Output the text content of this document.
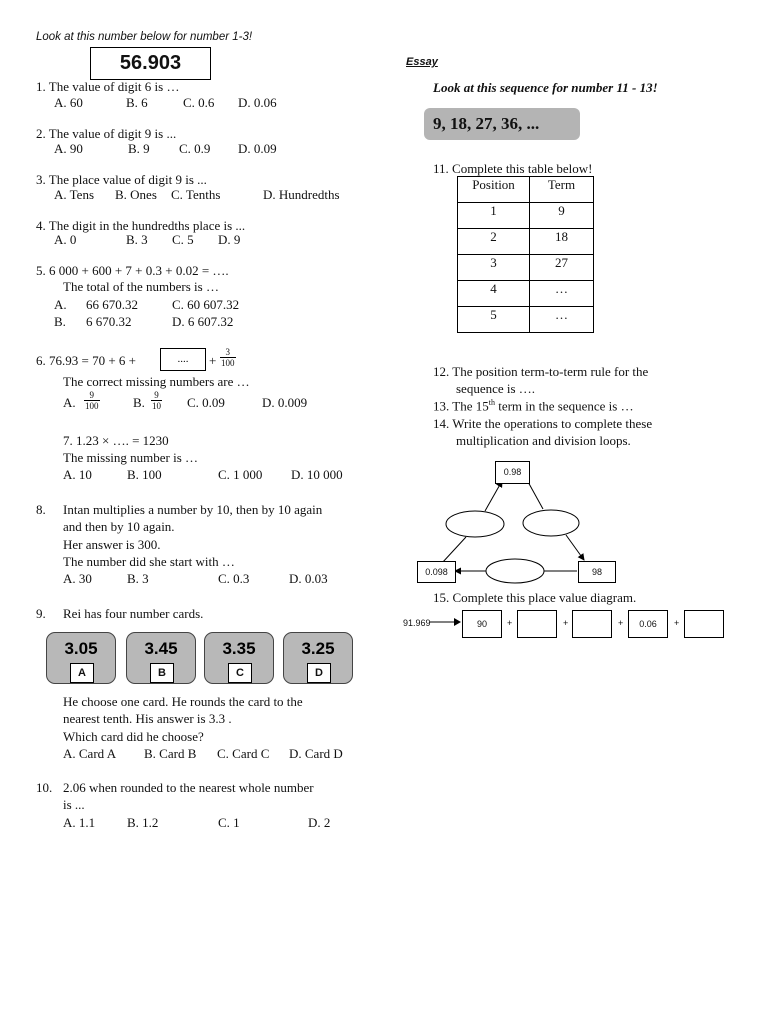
Look at this number below for number 1-3!
56.903
1. The value of digit 6 is …
A. 60	B. 6	C. 0.6 D. 0.06
2. The value of digit 9 is ...
A. 90	B. 9 C. 0.9 D. 0.09
3. The place value of digit 9 is ...
A. Tens B. Ones C. Tenths	D. Hundredths
4. The digit in the hundredths place is ...
A. 0	B. 3 C. 5 D. 9
5. 6 000 + 600 + 7 + 0.3 + 0.02 = ….
The total of the numbers is …
A. 66 670.32	C. 60 607.32
B. 6 670.32	D. 6 607.32
6. 76.93 = 70 + 6 +	....	+ $\frac{3}{100}$
The correct missing numbers are …
A. $\frac{9}{100}$	B. $\frac{9}{10} C$. 0.09	D. 0.009
7. 1.23 × …. = 1230
The missing number is …
A. 10	B. 100	C. 1 000 D. 10 000
8. Intan multiplies a number by 10, then by 10 again
and then by 10 again.
Her answer is 300.
The number did she start with …
A. 30	B. 3	C. 0.3	D. 0.03
9. Rei has four number cards.
3.05
A
3.45
B
3.35
C
3.25
D
He choose one card. He rounds the card to the
nearest tenth. His answer is 3.3 .
Which card did he choose?
A. Card A B. Card B C. Card C D. Card D
10. 2.06 when rounded to the nearest whole number
is ...
A. 1.1 B. 1.2	C. 1	D. 2
Essay
Look at this sequence for number 11 - 13!
9, 18, 27, 36, ...
11. Complete this table below!
Position	Term
1	9
2	18
3	27
4	…
5	…
12. The position term-to-term rule for the
sequence is ….
13. The 15th term in the sequence is …
14. Write the operations to complete these
multiplication and division loops.
0.98
0.098	98
15. Complete this place value diagram.
91.969	90	+	+	+	0.06	+
